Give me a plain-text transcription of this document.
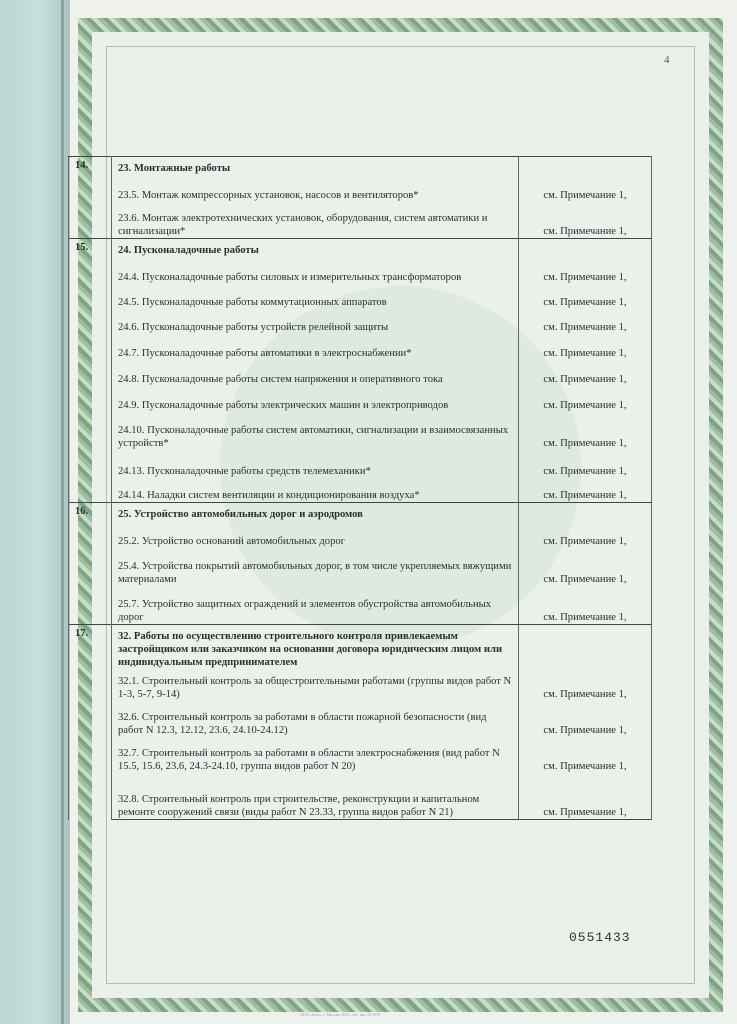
4
14.	23. Монтажные работы	
	23.5. Монтаж компрессорных установок, насосов и вентиляторов*	см. Примечание 1,
	23.6. Монтаж электротехнических установок, оборудования, систем автоматики и сигнализации*	см. Примечание 1,
15.	24. Пусконаладочные работы	
	24.4. Пусконаладочные работы силовых и измерительных трансформаторов	см. Примечание 1,
	24.5. Пусконаладочные работы коммутационных аппаратов	см. Примечание 1,
	24.6. Пусконаладочные работы устройств релейной защиты	см. Примечание 1,
	24.7. Пусконаладочные работы автоматики в электроснабжении*	см. Примечание 1,
	24.8. Пусконаладочные работы систем напряжения и оперативного тока	см. Примечание 1,
	24.9. Пусконаладочные работы электрических машин и электроприводов	см. Примечание 1,
	24.10. Пусконаладочные работы систем автоматики, сигнализации и взаимосвязанных устройств*	см. Примечание 1,
	24.13. Пусконаладочные работы средств телемеханики*	см. Примечание 1,
	24.14. Наладки систем вентиляции и кондиционирования воздуха*	см. Примечание 1,
16.	25. Устройство автомобильных дорог и аэродромов	
	25.2. Устройство оснований автомобильных дорог	см. Примечание 1,
	25.4. Устройства покрытий автомобильных дорог, в том числе укрепляемых вяжущими материалами	см. Примечание 1,
	25.7. Устройство защитных ограждений и элементов обустройства автомобильных дорог	см. Примечание 1,
17.	32. Работы по осуществлению строительного контроля привлекаемым застройщиком или заказчиком на основании договора юридическим лицом или индивидуальным предпринимателем	
	32.1. Строительный контроль за общестроительными работами (группы видов работ N 1-3, 5-7, 9-14)	см. Примечание 1,
	32.6. Строительный контроль за работами в области пожарной безопасности (вид работ N 12.3, 12.12, 23.6, 24.10-24.12)	см. Примечание 1,
	32.7. Строительный контроль за работами в области электроснабжения (вид работ N 15.5, 15.6, 23.6, 24.3-24.10, группа видов работ N 20)	см. Примечание 1,
	32.8. Строительный контроль при строительстве, реконструкции и капитальном ремонте сооружений связи (виды работ N 23.33, группа видов работ N 21)	см. Примечание 1,
0551433
ООО «Бэлс», г. Москва, 2013, «Б», зак. 16-9379
